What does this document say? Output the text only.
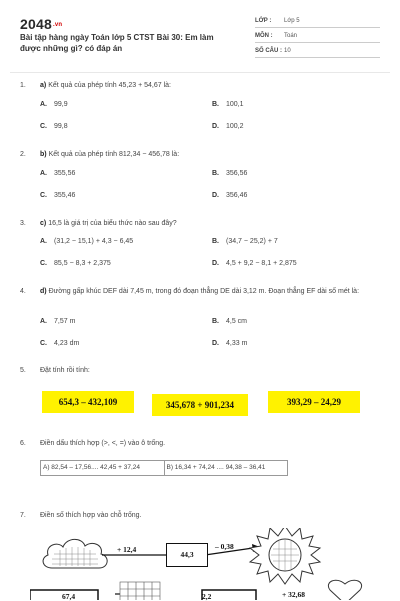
2048.vn
Bài tập hàng ngày Toán lớp 5 CTST Bài 30: Em làm được những gì? có đáp án
LỚP : Lớp 5
MÔN : Toán
SỐ CÂU : 10
1. a) Kết quả của phép tính 45,23 + 54,67 là:
A. 99,9	B. 100,1
C. 99,8	D. 100,2
2. b) Kết quả của phép tính 812,34 − 456,78 là:
A. 355,56	B. 356,56
C. 355,46	D. 356,46
3. c) 16,5 là giá trị của biểu thức nào sau đây?
A. (31,2 − 15,1) + 4,3 − 6,45	B. (34,7 − 25,2) + 7
C. 85,5 − 8,3 + 2,375	D. 4,5 + 9,2 − 8,1 + 2,875
4. d) Đường gấp khúc DEF dài 7,45 m, trong đó đoạn thẳng DE dài 3,12 m. Đoạn thẳng EF dài số mét là:
A. 7,57 m	B. 4,5 cm
C. 4,23 dm	D. 4,33 m
5. Đặt tính rồi tính:
654,3 – 432,109	345,678 + 901,234	393,29 – 24,29
6. Điền dấu thích hợp (>, <, =) vào ô trống.
A) 82,54 – 17,56.... 42,45 + 37,24	B) 16,34 + 74,24 .... 94,38 – 36,41
7. Điền số thích hợp vào chỗ trống.
+ 12,4
44,3
– 0,38
67,4	2,2	+ 32,68
